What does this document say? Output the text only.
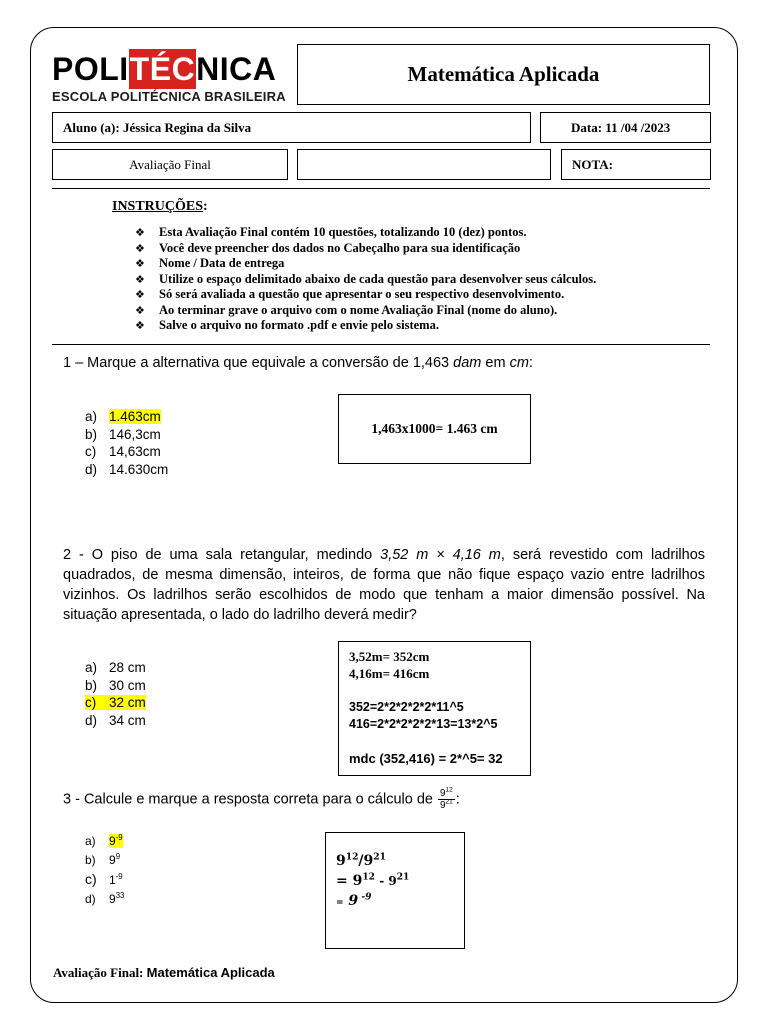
POLITÉCNICA
ESCOLA POLITÉCNICA BRASILEIRA
Matemática Aplicada
Aluno (a): Jéssica Regina da Silva	Data: 11 /04 /2023
Avaliação Final	NOTA:
INSTRUÇÕES:
❖ Esta Avaliação Final contém 10 questões, totalizando 10 (dez) pontos.
❖ Você deve preencher dos dados no Cabeçalho para sua identificação
❖ Nome / Data de entrega
❖ Utilize o espaço delimitado abaixo de cada questão para desenvolver seus cálculos.
❖ Só será avaliada a questão que apresentar o seu respectivo desenvolvimento.
❖ Ao terminar grave o arquivo com o nome Avaliação Final (nome do aluno).
❖ Salve o arquivo no formato .pdf e envie pelo sistema.
1 – Marque a alternativa que equivale a conversão de 1,463 dam em cm:
a) 1.463cm
b) 146,3cm
c) 14,63cm
d) 14.630cm
1,463x1000= 1.463 cm
2 - O piso de uma sala retangular, medindo 3,52 m × 4,16 m, será revestido com ladrilhos quadrados, de mesma dimensão, inteiros, de forma que não fique espaço vazio entre ladrilhos vizinhos. Os ladrilhos serão escolhidos de modo que tenham a maior dimensão possível. Na situação apresentada, o lado do ladrilho deverá medir?
a) 28 cm
b) 30 cm
c) 32 cm
d) 34 cm
3,52m= 352cm
4,16m= 416cm
352=2*2*2*2*2*11^5
416=2*2*2*2*2*13=13*2^5
mdc (352,416) = 2*^5= 32
3 - Calcule e marque a resposta correta para o cálculo de $\frac{9^{12}}{9^{21}}$ :
a) $9^{-9}$
b) $9^9$
c) $1^{-9}$
d) $9^{33}$
$9^{12}/9^{21}$
= $9^{12} - 9^{21}$
= 9 $^{-9}$
Avaliação Final: Matemática Aplicada
